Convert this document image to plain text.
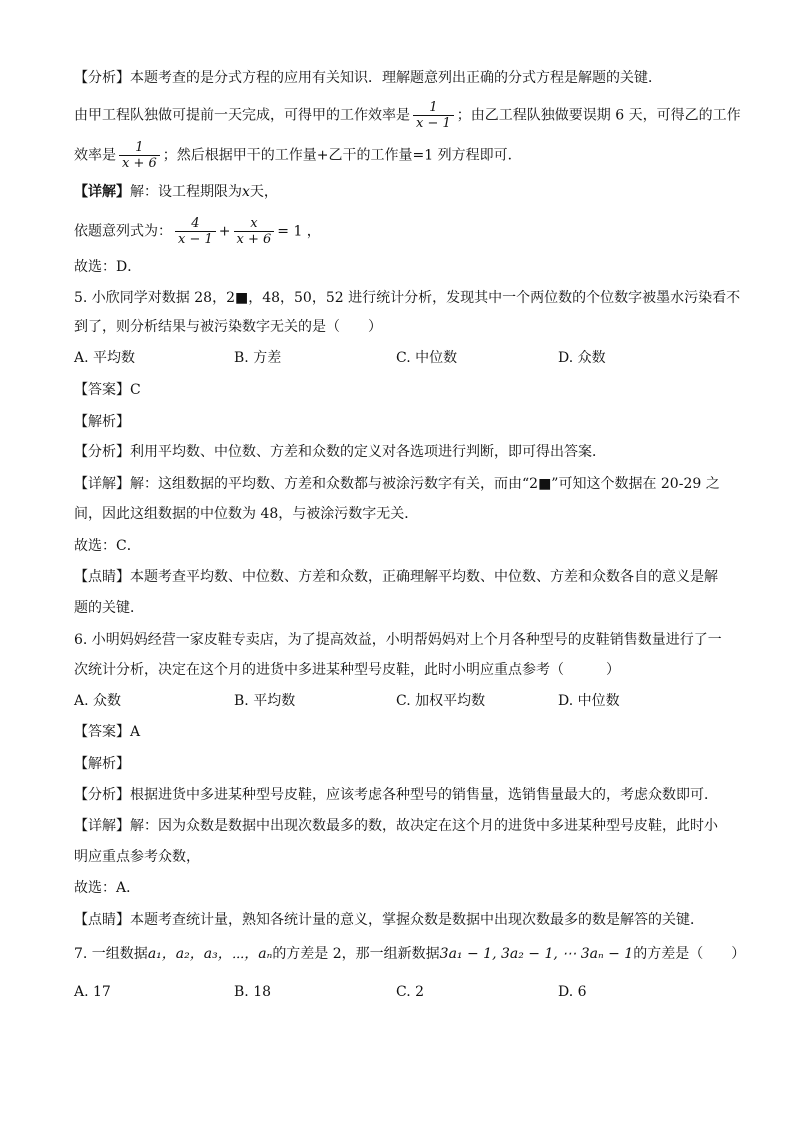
【分析】本题考查的是分式方程的应用有关知识．理解题意列出正确的分式方程是解题的关键．
由甲工程队独做可提前一天完成，可得甲的工作效率是 $\frac{1}{x - 1}$ ；由乙工程队独做要误期 6 天，可得乙的工作
效率是 $\frac{1}{x + 6}$ ；然后根据甲干的工作量+乙干的工作量=1 列方程即可．
【详解】解：设工程期限为x天，
依题意列式为： $\frac{4}{x - 1} + \frac{x}{x + 6} = 1$ ，
故选：D．
5. 小欣同学对数据 28，2■，48，50，52 进行统计分析，发现其中一个两位数的个位数字被墨水污染看不
到了，则分析结果与被污染数字无关的是（　　）
A. 平均数	B. 方差	C. 中位数	D. 众数
【答案】C
【解析】
【分析】利用平均数、中位数、方差和众数的定义对各选项进行判断，即可得出答案．
【详解】解：这组数据的平均数、方差和众数都与被涂污数字有关，而由“2■”可知这个数据在 20-29 之
间，因此这组数据的中位数为 48，与被涂污数字无关．
故选：C．
【点睛】本题考查平均数、中位数、方差和众数，正确理解平均数、中位数、方差和众数各自的意义是解
题的关键．
6. 小明妈妈经营一家皮鞋专卖店，为了提高效益，小明帮妈妈对上个月各种型号的皮鞋销售数量进行了一
次统计分析，决定在这个月的进货中多进某种型号皮鞋，此时小明应重点参考（　　　）
A. 众数	B. 平均数	C. 加权平均数	D. 中位数
【答案】A
【解析】
【分析】根据进货中多进某种型号皮鞋，应该考虑各种型号的销售量，选销售量最大的，考虑众数即可．
【详解】解：因为众数是数据中出现次数最多的数，故决定在这个月的进货中多进某种型号皮鞋，此时小
明应重点参考众数，
故选：A．
【点睛】本题考查统计量，熟知各统计量的意义，掌握众数是数据中出现次数最多的数是解答的关键．
7. 一组数据a₁，a₂，a₃，⋯，aₙ的方差是 2，那一组新数据3a₁ − 1, 3a₂ − 1, ⋯ 3aₙ − 1的方差是（　　）
A. 17	B. 18	C. 2	D. 6
